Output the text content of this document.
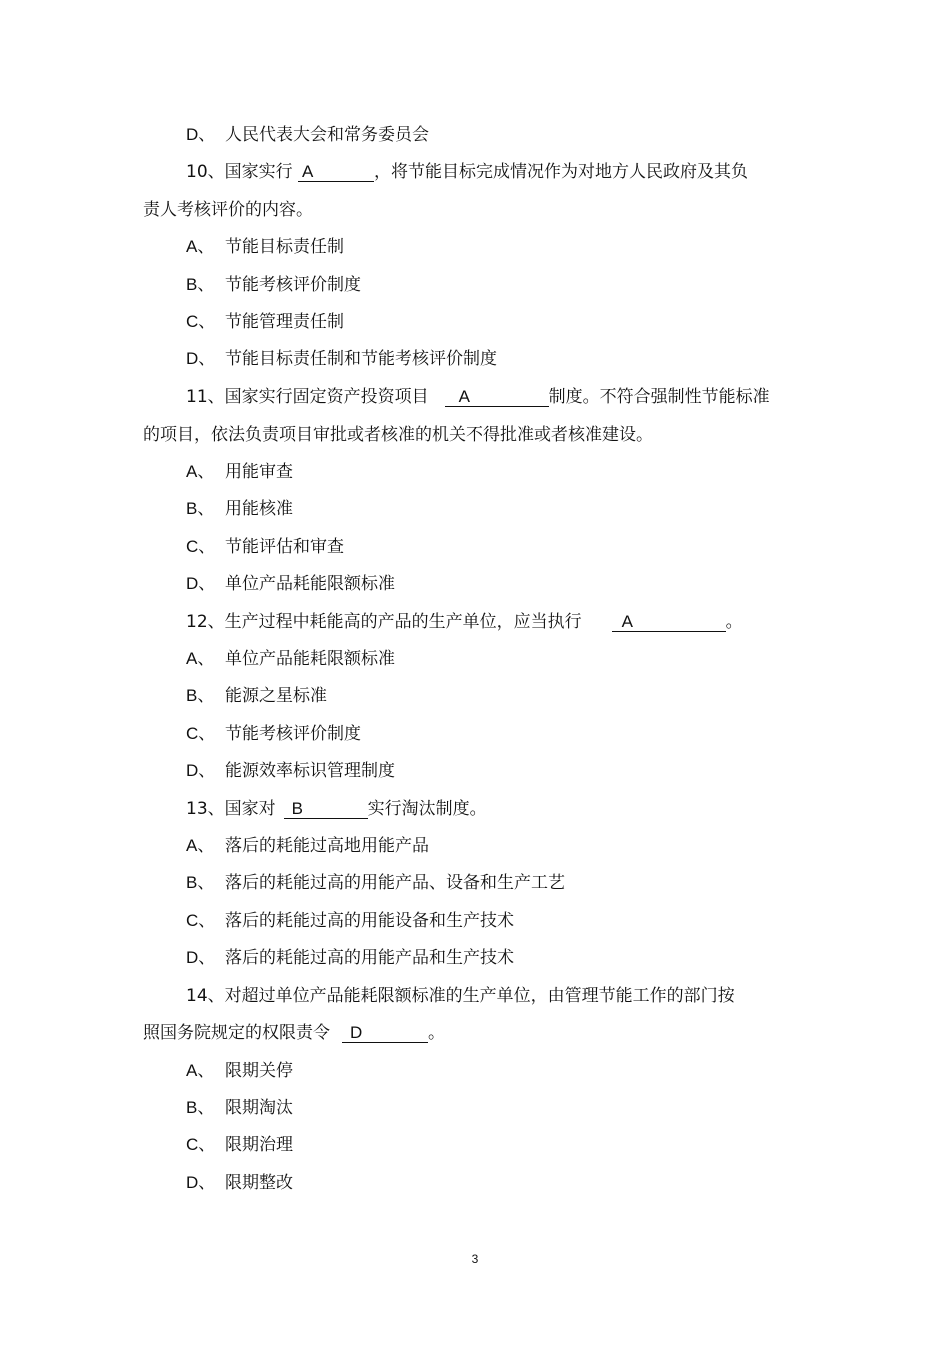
D、 人民代表大会和常务委员会
10、国家实行 A	，将节能目标完成情况作为对地方人民政府及其负
责人考核评价的内容。
A、 节能目标责任制
B、 节能考核评价制度
C、 节能管理责任制
D、 节能目标责任制和节能考核评价制度
11、国家实行固定资产投资项目 A	制度。不符合强制性节能标准
的项目，依法负责项目审批或者核准的机关不得批准或者核准建设。
A、 用能审查
B、 用能核准
C、 节能评估和审查
D、 单位产品耗能限额标准
12、生产过程中耗能高的产品的生产单位，应当执行 A	。
A、 单位产品能耗限额标准
B、 能源之星标准
C、 节能考核评价制度
D、 能源效率标识管理制度
13、国家对 B	实行淘汰制度。
A、 落后的耗能过高地用能产品
B、 落后的耗能过高的用能产品、设备和生产工艺
C、 落后的耗能过高的用能设备和生产技术
D、 落后的耗能过高的用能产品和生产技术
14、对超过单位产品能耗限额标准的生产单位，由管理节能工作的部门按
照国务院规定的权限责令 D	。
A、 限期关停
B、 限期淘汰
C、 限期治理
D、 限期整改
3
